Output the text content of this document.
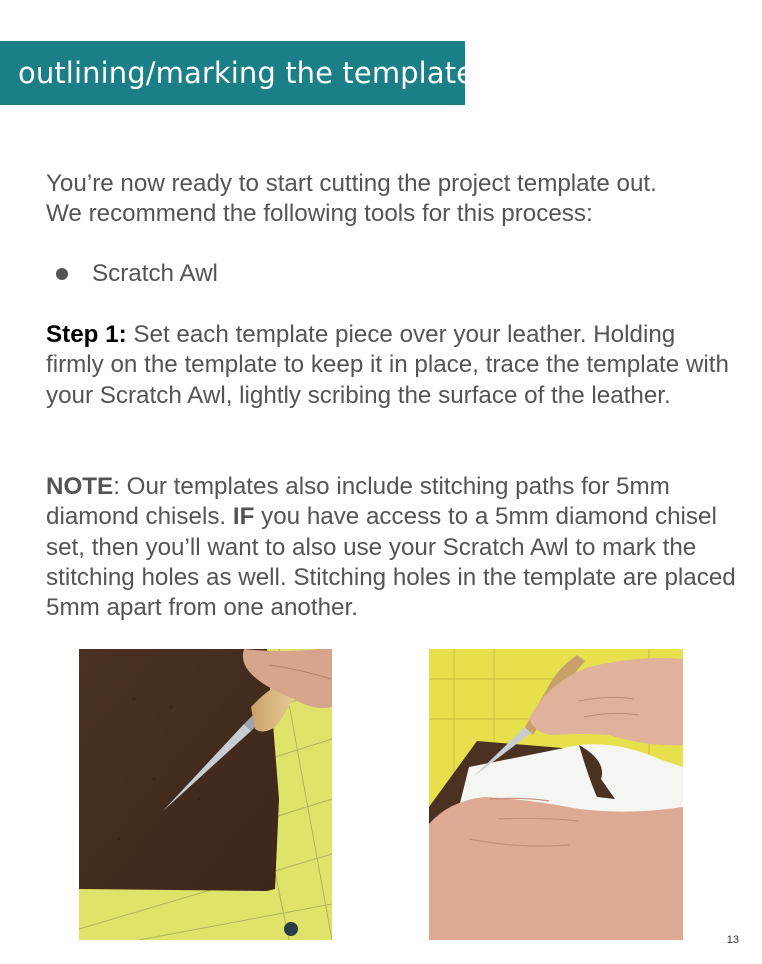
outlining/marking the template
You’re now ready to start cutting the project template out.
We recommend the following tools for this process:
Scratch Awl
Step 1: Set each template piece over your leather. Holding firmly on the template to keep it in place, trace the template with your Scratch Awl, lightly scribing the surface of the leather.
NOTE: Our templates also include stitching paths for 5mm diamond chisels. IF you have access to a 5mm diamond chisel set, then you’ll want to also use your Scratch Awl to mark the stitching holes as well. Stitching holes in the template are placed 5mm apart from one another.
13
